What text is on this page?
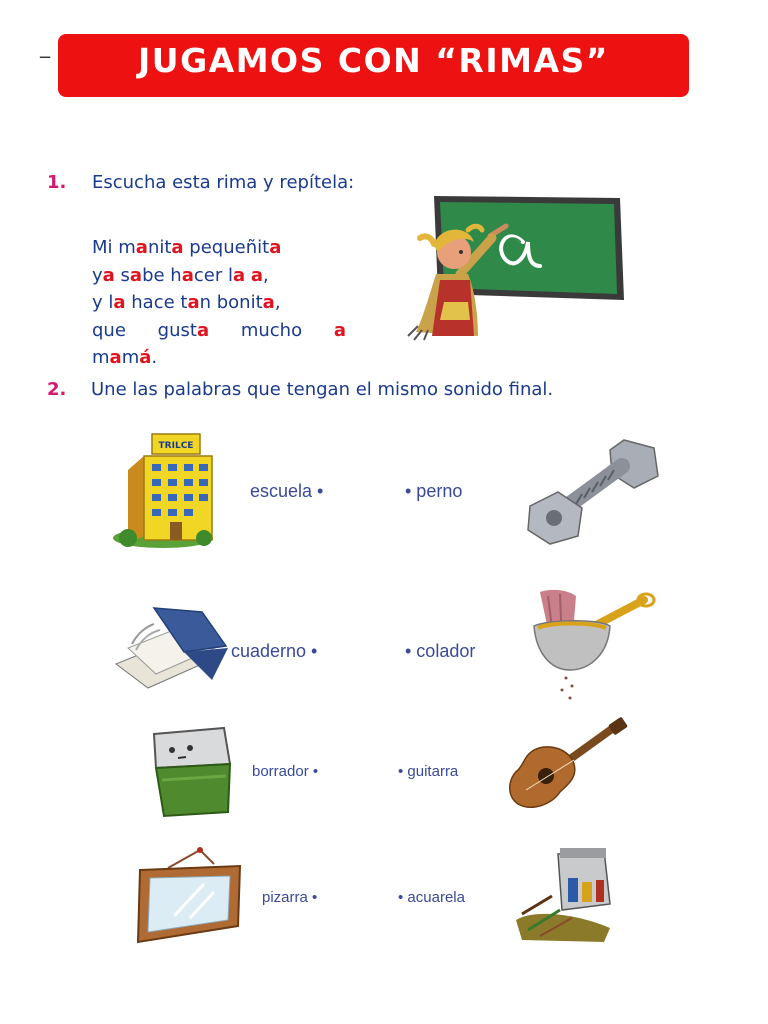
_	JUGAMOS CON “RIMAS”
1. Escucha esta rima y repítela:
Mi manita pequeñita
ya sabe hacer la a,
y la hace tan bonita,
que gusta mucho a
mamá.
2. Une las palabras que tengan el mismo sonido final.
TRILCE
escuela •	• perno
cuaderno •	• colador
borrador •	• guitarra
pizarra •	• acuarela
